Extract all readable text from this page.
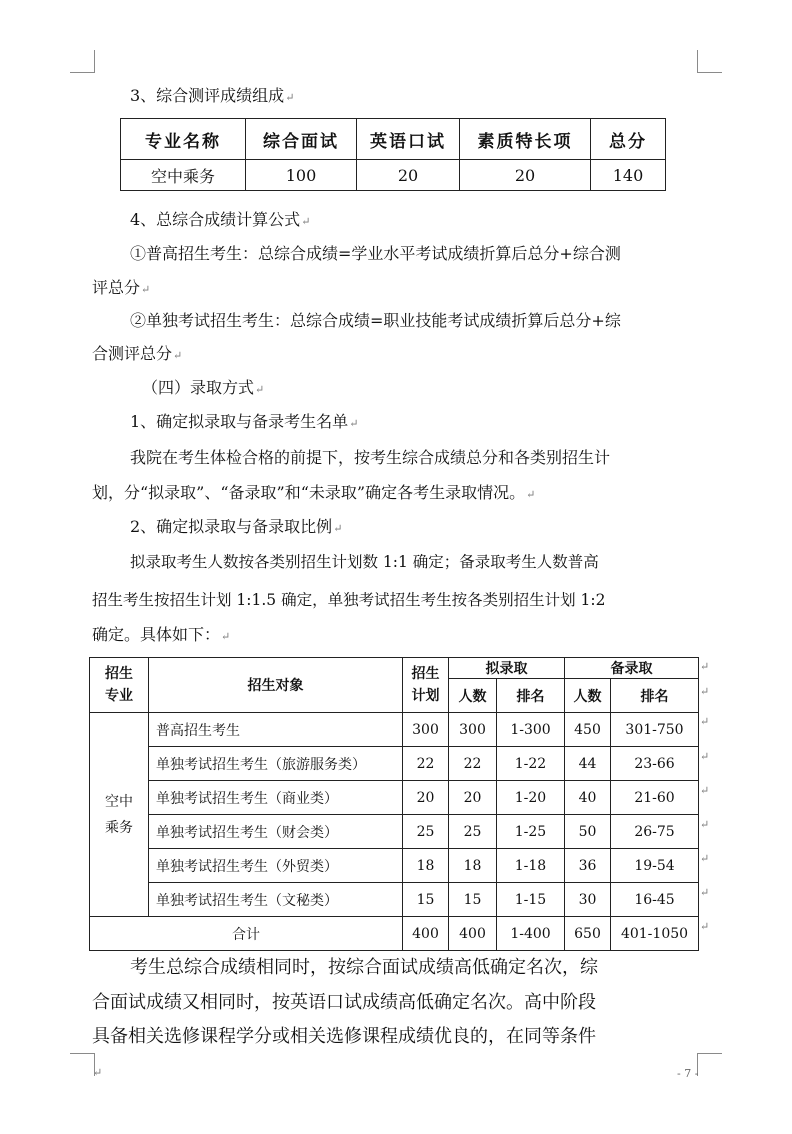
3、综合测评成绩组成↵
专业名称	综合面试	英语口试	素质特长项	总分
空中乘务	100	20	20	140
4、总综合成绩计算公式↵
①普高招生考生：总综合成绩=学业水平考试成绩折算后总分+综合测
评总分↵
②单独考试招生考生：总综合成绩=职业技能考试成绩折算后总分+综
合测评总分↵
（四）录取方式↵
1、确定拟录取与备录考生名单↵
我院在考生体检合格的前提下，按考生综合成绩总分和各类别招生计
划，分“拟录取”、“备录取”和“未录取”确定各考生录取情况。↵
2、确定拟录取与备录取比例↵
拟录取考生人数按各类别招生计划数 1:1 确定；备录取考生人数普高
招生考生按招生计划 1:1.5 确定，单独考试招生考生按各类别招生计划 1:2
确定。具体如下：↵
招生
专业	招生对象	招生
计划	拟录取		备录取	
			人数	排名	人数	排名
空中
乘务	普高招生考生	300	300	1-300	450	301-750
	单独考试招生考生（旅游服务类）	22	22	1-22	44	23-66
	单独考试招生考生（商业类）	20	20	1-20	40	21-60
	单独考试招生考生（财会类）	25	25	1-25	50	26-75
	单独考试招生考生（外贸类）	18	18	1-18	36	19-54
	单独考试招生考生（文秘类）	15	15	1-15	30	16-45
合计		400	400	1-400	650	401-1050
↵
↵
↵
↵
↵
↵
↵
↵
↵
考生总综合成绩相同时，按综合面试成绩高低确定名次，综
合面试成绩又相同时，按英语口试成绩高低确定名次。高中阶段
具备相关选修课程学分或相关选修课程成绩优良的，在同等条件
↵	- 7 -
